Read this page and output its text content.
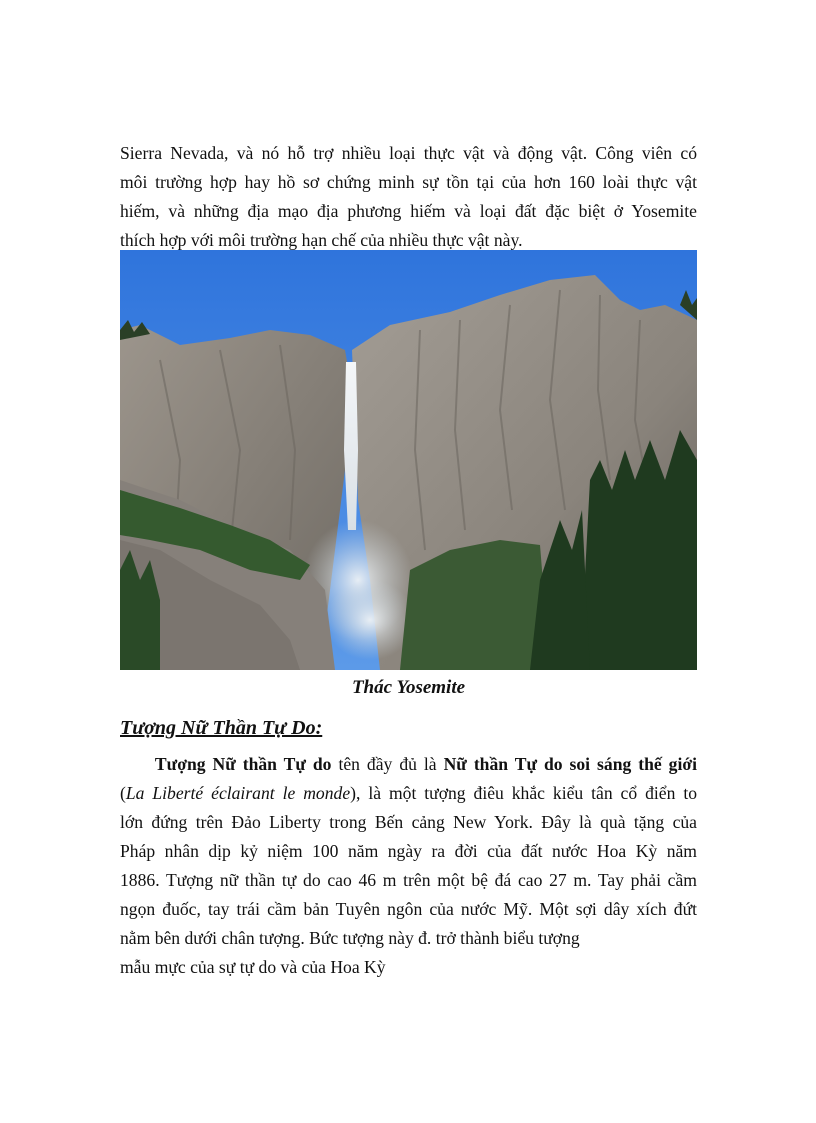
Sierra Nevada, và nó hỗ trợ nhiều loại thực vật và động vật. Công viên có
môi trường hợp hay hồ sơ chứng minh sự tồn tại của hơn 160 loài thực vật
hiếm, và những địa mạo địa phương hiếm và loại đất đặc biệt ở Yosemite
thích hợp với môi trường hạn chế của nhiều thực vật này.
Thác Yosemite
Tượng Nữ Thần Tự Do:
Tượng Nữ thần Tự do tên đầy đủ là Nữ thần Tự do soi sáng thế giới
(La Liberté éclairant le monde), là một tượng điêu khắc kiểu tân cổ điển to
lớn đứng trên Đảo Liberty trong Bến cảng New York. Đây là quà tặng của
Pháp nhân dịp kỷ niệm 100 năm ngày ra đời của đất nước Hoa Kỳ năm
1886. Tượng nữ thần tự do cao 46 m trên một bệ đá cao 27 m. Tay phải cầm
ngọn đuốc, tay trái cầm bản Tuyên ngôn của nước Mỹ. Một sợi dây xích đứt
nằm bên dưới chân tượng. Bức tượng này đ. trở thành biểu tượng
mẫu mực của sự tự do và của Hoa Kỳ
